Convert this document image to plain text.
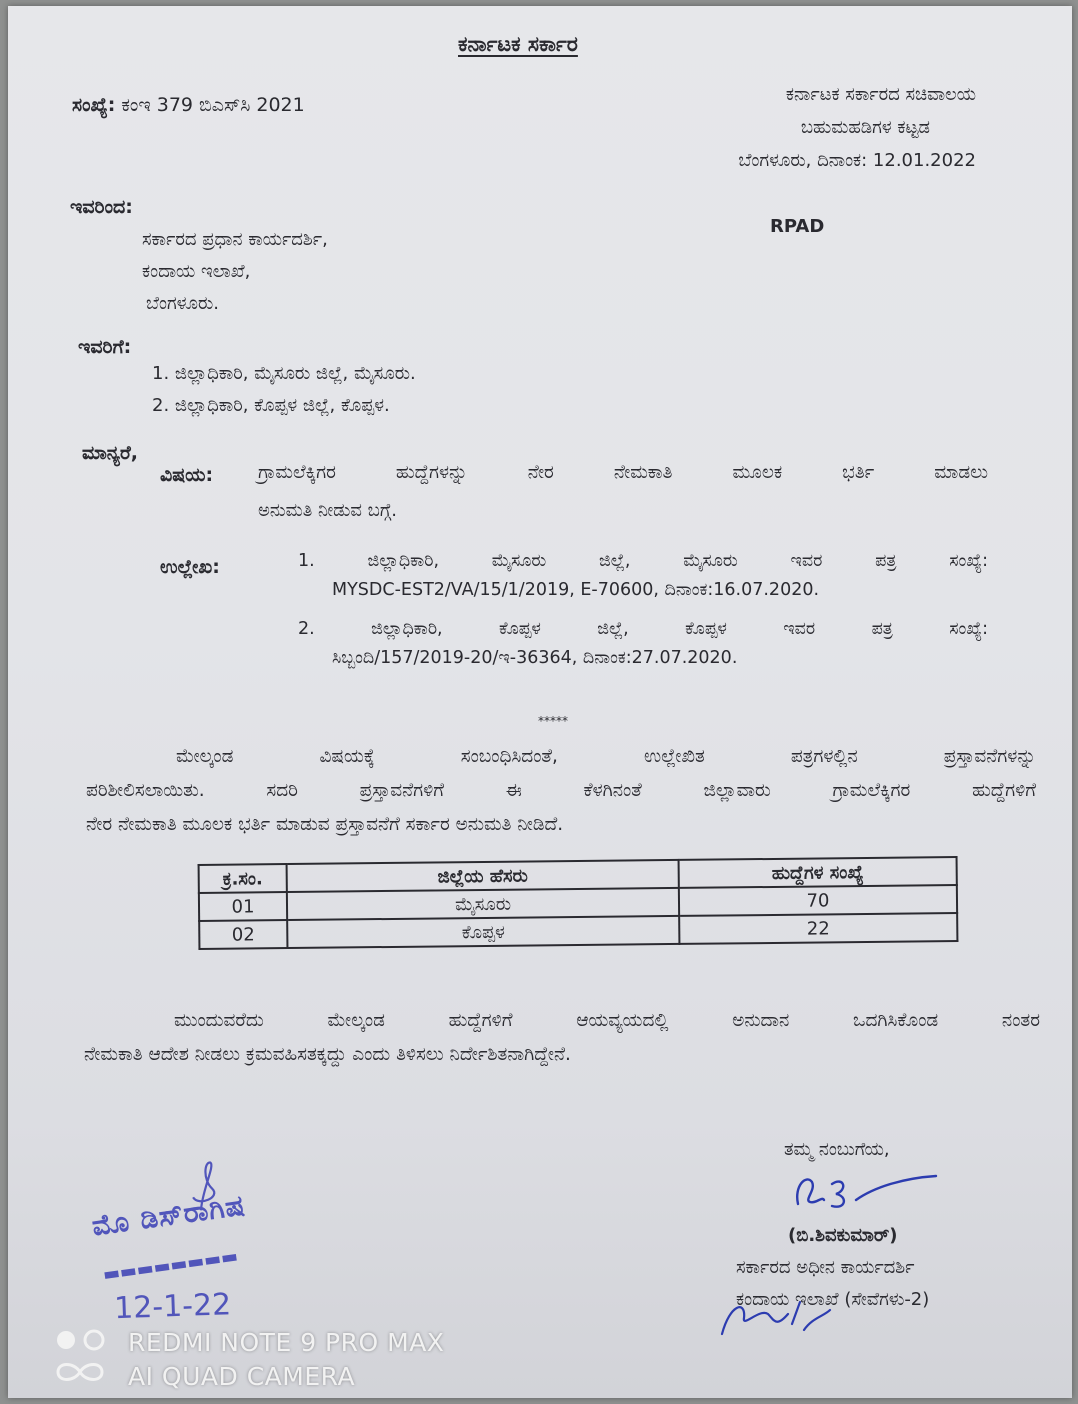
ಕರ್ನಾಟಕ ಸರ್ಕಾರ
ಸಂಖ್ಯೆ: ಕಂಇ 379 ಬಿಎಸ್‌ಸಿ 2021	ಕರ್ನಾಟಕ ಸರ್ಕಾರದ ಸಚಿವಾಲಯ
ಬಹುಮಹಡಿಗಳ ಕಟ್ಟಡ
ಬೆಂಗಳೂರು, ದಿನಾಂಕ: 12.01.2022
RPAD
ಇವರಿಂದ:
ಸರ್ಕಾರದ ಪ್ರಧಾನ ಕಾರ್ಯದರ್ಶಿ,
ಕಂದಾಯ ಇಲಾಖೆ,
ಬೆಂಗಳೂರು.
ಇವರಿಗೆ:
1. ಜಿಲ್ಲಾಧಿಕಾರಿ, ಮೈಸೂರು ಜಿಲ್ಲೆ, ಮೈಸೂರು.
2. ಜಿಲ್ಲಾಧಿಕಾರಿ, ಕೊಪ್ಪಳ ಜಿಲ್ಲೆ, ಕೊಪ್ಪಳ.
ಮಾನ್ಯರೆ,
ವಿಷಯ: ಗ್ರಾಮಲೆಕ್ಕಿಗರ ಹುದ್ದೆಗಳನ್ನು ನೇರ ನೇಮಕಾತಿ ಮೂಲಕ ಭರ್ತಿ ಮಾಡಲು
ಅನುಮತಿ ನೀಡುವ ಬಗ್ಗೆ.
ಉಲ್ಲೇಖ:	1. ಜಿಲ್ಲಾಧಿಕಾರಿ, ಮೈಸೂರು ಜಿಲ್ಲೆ, ಮೈಸೂರು ಇವರ ಪತ್ರ ಸಂಖ್ಯೆ:
MYSDC-EST2/VA/15/1/2019, E-70600, ದಿನಾಂಕ:16.07.2020.
2. ಜಿಲ್ಲಾಧಿಕಾರಿ, ಕೊಪ್ಪಳ ಜಿಲ್ಲೆ, ಕೊಪ್ಪಳ ಇವರ ಪತ್ರ ಸಂಖ್ಯೆ:
ಸಿಬ್ಬಂದಿ/157/2019-20/ಇ-36364, ದಿನಾಂಕ:27.07.2020.
*****
ಮೇಲ್ಕಂಡ ವಿಷಯಕ್ಕೆ ಸಂಬಂಧಿಸಿದಂತೆ, ಉಲ್ಲೇಖಿತ ಪತ್ರಗಳಲ್ಲಿನ ಪ್ರಸ್ತಾವನೆಗಳನ್ನು
ಪರಿಶೀಲಿಸಲಾಯಿತು. ಸದರಿ ಪ್ರಸ್ತಾವನೆಗಳಿಗೆ ಈ ಕೆಳಗಿನಂತೆ ಜಿಲ್ಲಾವಾರು ಗ್ರಾಮಲೆಕ್ಕಿಗರ ಹುದ್ದೆಗಳಿಗೆ
ನೇರ ನೇಮಕಾತಿ ಮೂಲಕ ಭರ್ತಿ ಮಾಡುವ ಪ್ರಸ್ತಾವನೆಗೆ ಸರ್ಕಾರ ಅನುಮತಿ ನೀಡಿದೆ.
ಕ್ರ.ಸಂ.	ಜಿಲ್ಲೆಯ ಹೆಸರು	ಹುದ್ದೆಗಳ ಸಂಖ್ಯೆ
01	ಮೈಸೂರು	70
02	ಕೊಪ್ಪಳ	22
ಮುಂದುವರೆದು ಮೇಲ್ಕಂಡ ಹುದ್ದೆಗಳಿಗೆ ಆಯವ್ಯಯದಲ್ಲಿ ಅನುದಾನ ಒದಗಿಸಿಕೊಂಡ ನಂತರ
ನೇಮಕಾತಿ ಆದೇಶ ನೀಡಲು ಕ್ರಮವಹಿಸತಕ್ಕದ್ದು ಎಂದು ತಿಳಿಸಲು ನಿರ್ದೇಶಿತನಾಗಿದ್ದೇನೆ.
ತಮ್ಮ ನಂಬುಗೆಯ,
(ಬಿ.ಶಿವಕುಮಾರ್)
ಸರ್ಕಾರದ ಅಧೀನ ಕಾರ್ಯದರ್ಶಿ
ಕಂದಾಯ ಇಲಾಖೆ (ಸೇವೆಗಳು-2)
ಮೊ ಡಿಸ್‌ರಾಗಿಷ
▬▬▬▬▬▬▬▬
12-1-22
REDMI NOTE 9 PRO MAX
AI QUAD CAMERA
